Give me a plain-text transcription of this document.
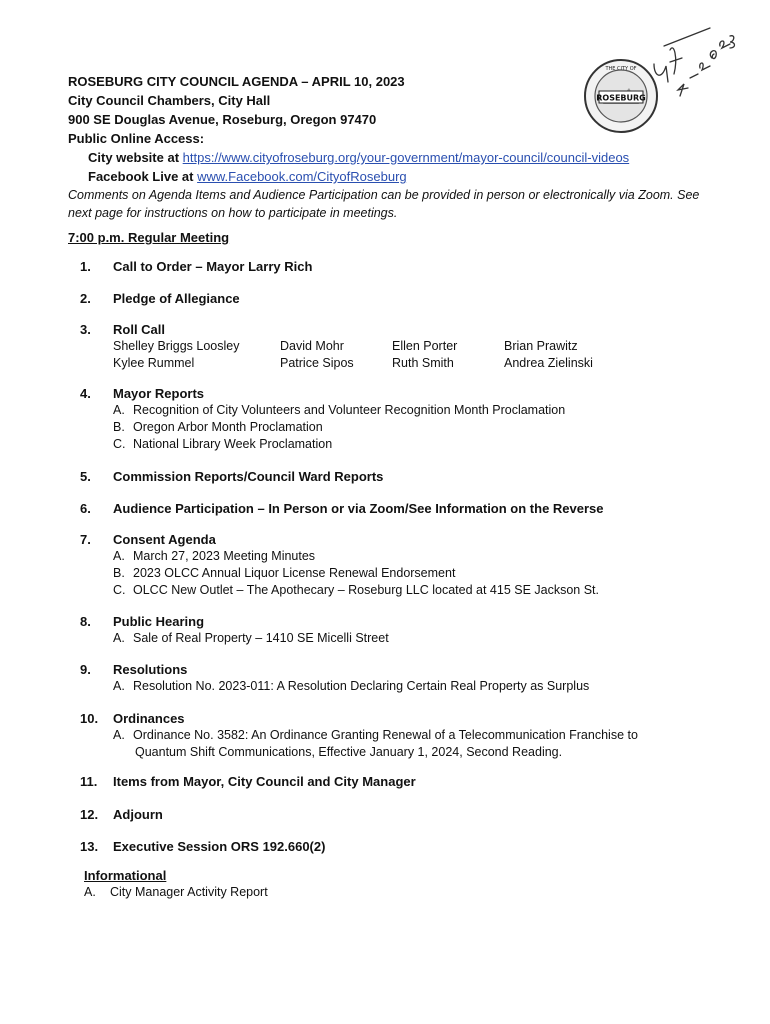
ROSEBURG CITY COUNCIL AGENDA – APRIL 10, 2023
City Council Chambers, City Hall
900 SE Douglas Avenue, Roseburg, Oregon 97470
Public Online Access:
City website at https://www.cityofroseburg.org/your-government/mayor-council/council-videos
Facebook Live at www.Facebook.com/CityofRoseburg
ROSEBURG
THE CITY OF
Comments on Agenda Items and Audience Participation can be provided in person or electronically via Zoom. See next page for instructions on how to participate in meetings.
7:00 p.m. Regular Meeting
1. Call to Order – Mayor Larry Rich
2. Pledge of Allegiance
3. Roll Call
Shelley Briggs Loosley	David Mohr	Ellen Porter	Brian Prawitz
Kylee Rummel	Patrice Sipos	Ruth Smith	Andrea Zielinski
4. Mayor Reports
A. Recognition of City Volunteers and Volunteer Recognition Month Proclamation
B. Oregon Arbor Month Proclamation
C. National Library Week Proclamation
5. Commission Reports/Council Ward Reports
6. Audience Participation – In Person or via Zoom/See Information on the Reverse
7. Consent Agenda
A. March 27, 2023 Meeting Minutes
B. 2023 OLCC Annual Liquor License Renewal Endorsement
C. OLCC New Outlet – The Apothecary – Roseburg LLC located at 415 SE Jackson St.
8. Public Hearing
A. Sale of Real Property – 1410 SE Micelli Street
9. Resolutions
A. Resolution No. 2023-011: A Resolution Declaring Certain Real Property as Surplus
10. Ordinances
A. Ordinance No. 3582: An Ordinance Granting Renewal of a Telecommunication Franchise to
Quantum Shift Communications, Effective January 1, 2024, Second Reading.
11. Items from Mayor, City Council and City Manager
12. Adjourn
13. Executive Session ORS 192.660(2)
Informational
A. City Manager Activity Report
